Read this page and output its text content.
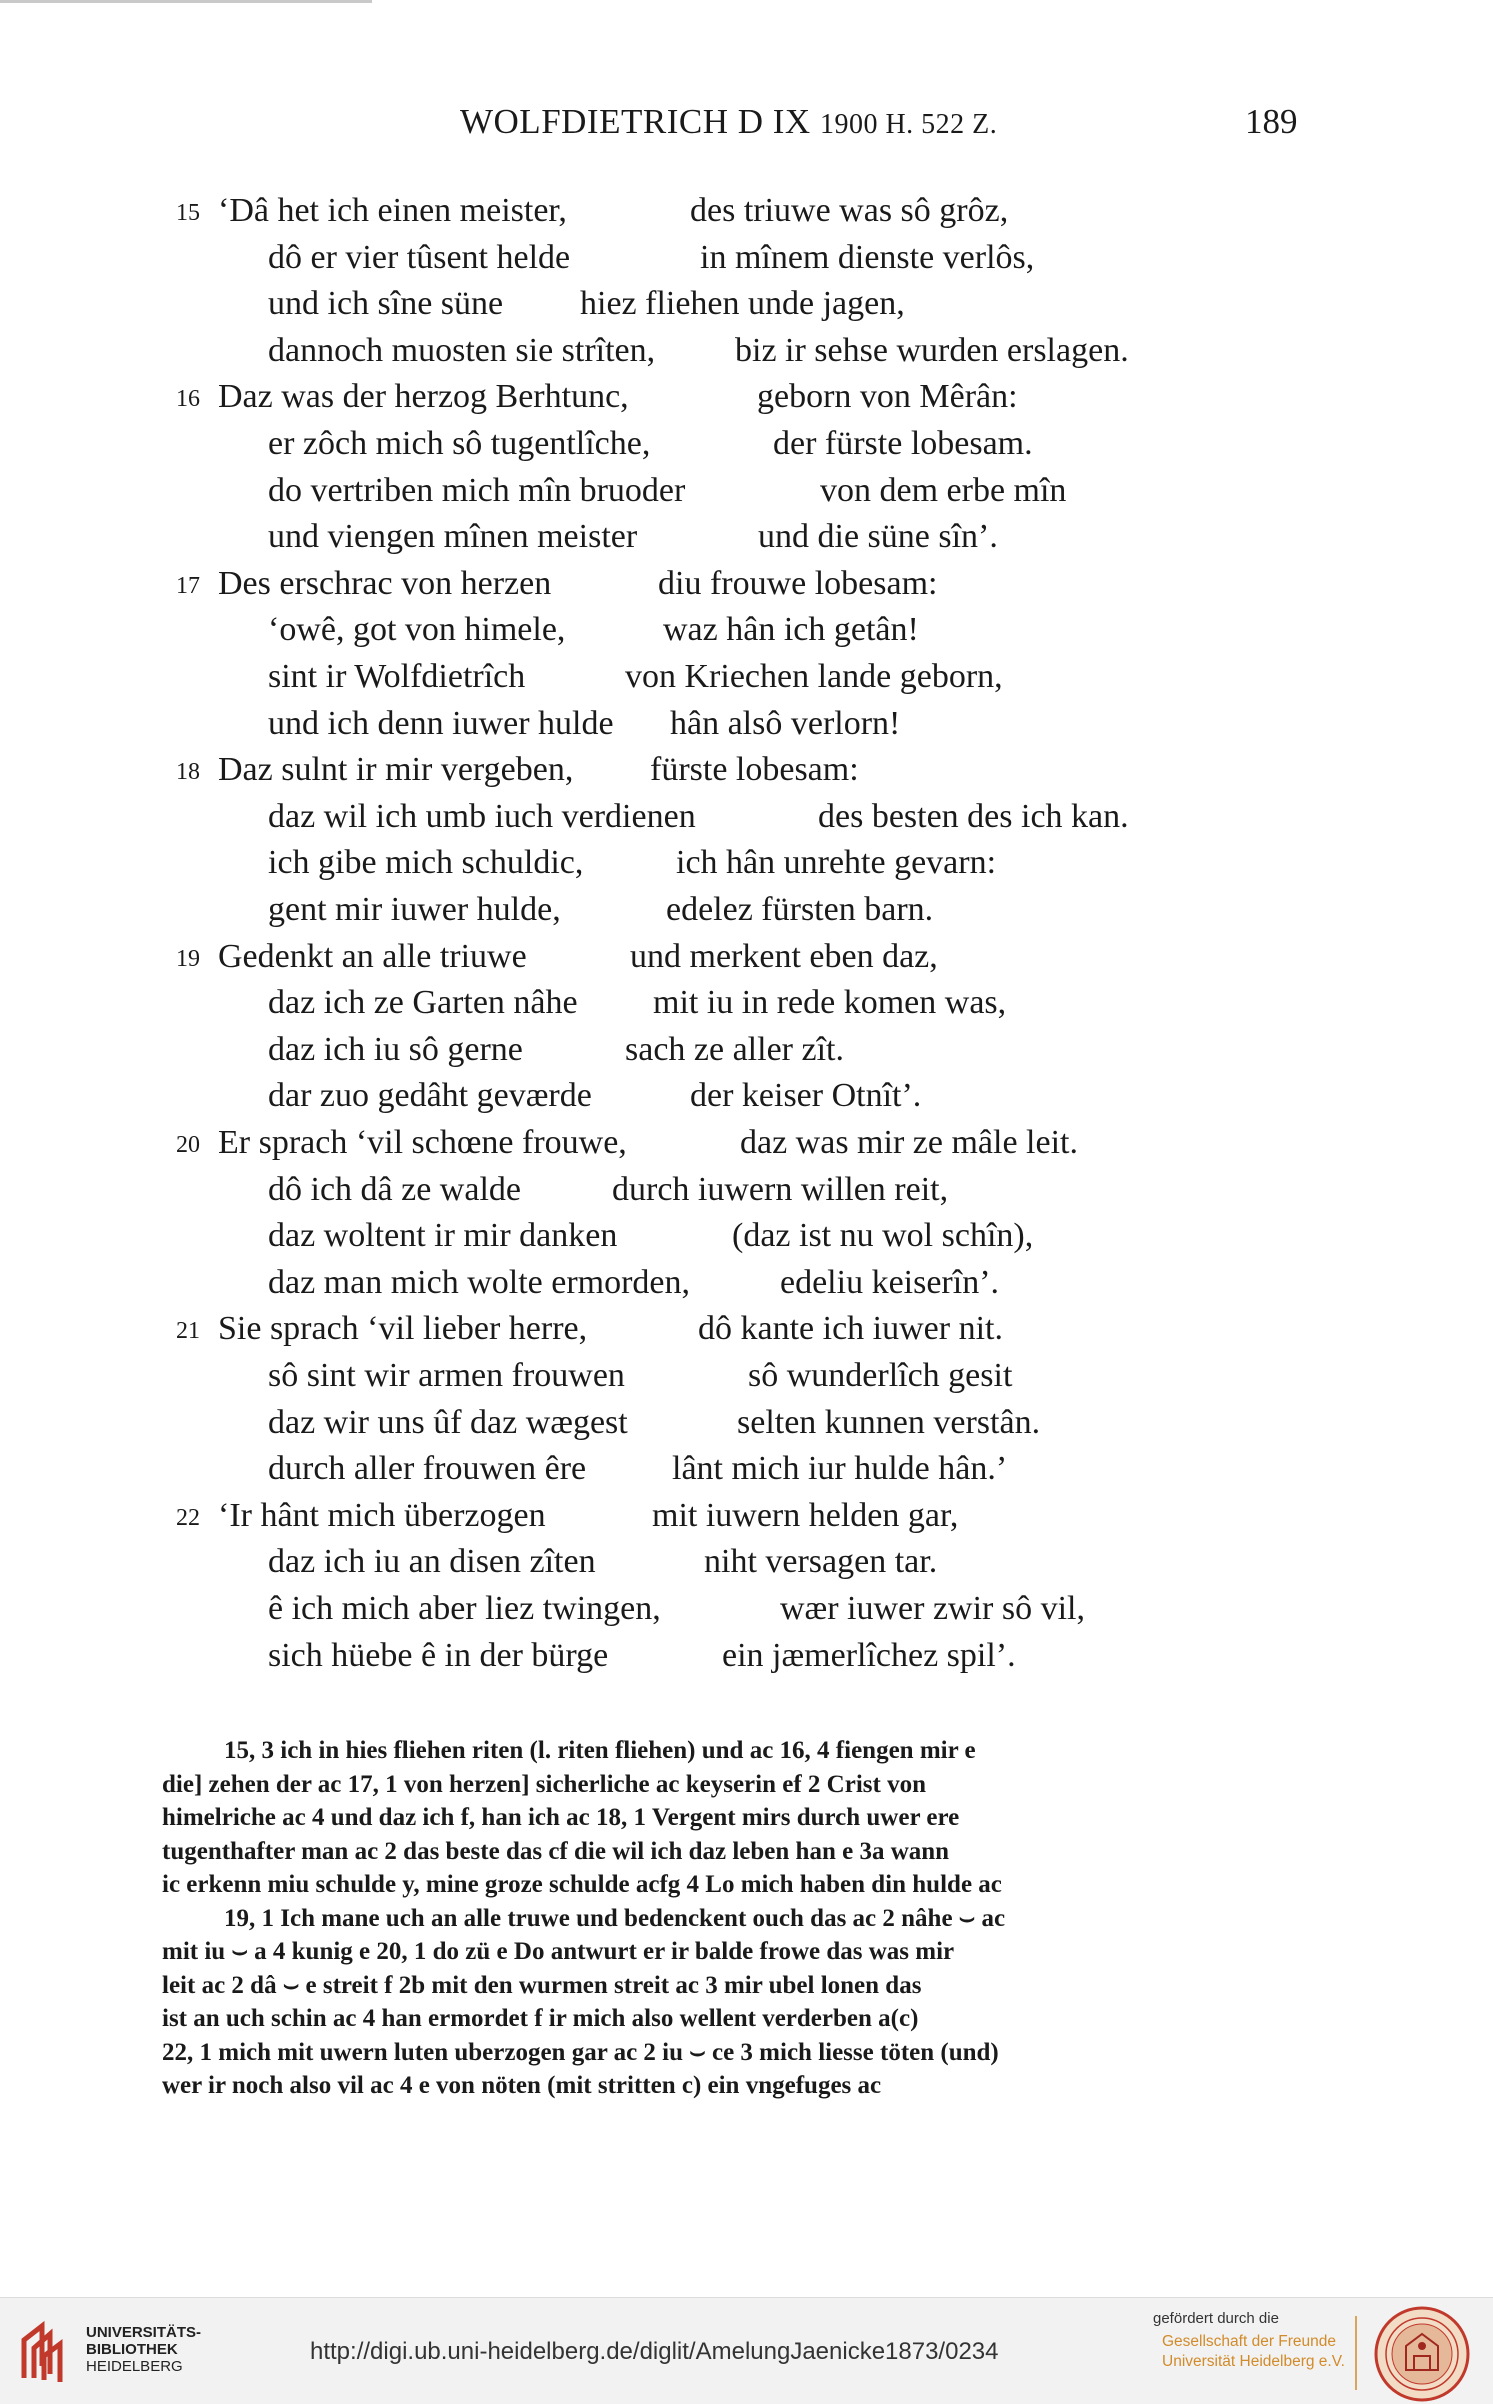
WOLFDIETRICH D IX 1900 H. 522 Z.	189
15 ‘Dâ het ich einen meister,	des triuwe was sô grôz,
dô er vier tûsent helde	in mînem dienste verlôs,
und ich sîne süne hiez fliehen unde jagen,
dannoch muosten sie strîten, biz ir sehse wurden erslagen.
16 Daz was der herzog Berhtunc,	geborn von Mêrân:
er zôch mich sô tugentlîche,	der fürste lobesam.
do vertriben mich mîn bruoder	von dem erbe mîn
und viengen mînen meister	und die süne sîn’.
17 Des erschrac von herzen	diu frouwe lobesam:
‘owê, got von himele,	waz hân ich getân!
sint ir Wolfdietrîch	von Kriechen lande geborn,
und ich denn iuwer hulde hân alsô verlorn!
18 Daz sulnt ir mir vergeben, fürste lobesam:
daz wil ich umb iuch verdienen	des besten des ich kan.
ich gibe mich schuldic,	ich hân unrehte gevarn:
gent mir iuwer hulde,	edelez fürsten barn.
19 Gedenkt an alle triuwe	und merkent eben daz,
daz ich ze Garten nâhe mit iu in rede komen was,
daz ich iu sô gerne	sach ze aller zît.
dar zuo gedâht geværde	der keiser Otnît’.
20 Er sprach ‘vil schœne frouwe,	daz was mir ze mâle leit.
dô ich dâ ze walde	durch iuwern willen reit,
daz woltent ir mir danken	(daz ist nu wol schîn),
daz man mich wolte ermorden,	edeliu keiserîn’.
21 Sie sprach ‘vil lieber herre,	dô kante ich iuwer nit.
sô sint wir armen frouwen	sô wunderlîch gesit
daz wir uns ûf daz wægest	selten kunnen verstân.
durch aller frouwen êre	lânt mich iur hulde hân.’
22 ‘Ir hânt mich überzogen	mit iuwern helden gar,
daz ich iu an disen zîten	niht versagen tar.
ê ich mich aber liez twingen,	wær iuwer zwir sô vil,
sich hüebe ê in der bürge	ein jæmerlîchez spil’.
15, 3 ich in hies fliehen riten (l. riten fliehen) und ac 16, 4 fiengen mir e
die] zehen der ac 17, 1 von herzen] sicherliche ac keyserin ef 2 Crist von
himelriche ac 4 und daz ich f, han ich ac 18, 1 Vergent mirs durch uwer ere
tugenthafter man ac 2 das beste das cf die wil ich daz leben han e 3a wann
ic erkenn miu schulde y, mine groze schulde acfg 4 Lo mich haben din hulde ac
19, 1 Ich mane uch an alle truwe und bedenckent ouch das ac 2 nâhe ⌣ ac
mit iu ⌣ a 4 kunig e 20, 1 do zü e Do antwurt er ir balde frowe das was mir
leit ac 2 dâ ⌣ e streit f 2b mit den wurmen streit ac 3 mir ubel lonen das
ist an uch schin ac 4 han ermordet f ir mich also wellent verderben a(c)
22, 1 mich mit uwern luten uberzogen gar ac 2 iu ⌣ ce 3 mich liesse töten (und)
wer ir noch also vil ac 4 e von nöten (mit stritten c) ein vngefuges ac
UNIVERSITÄTS-
BIBLIOTHEK
HEIDELBERG
http://digi.ub.uni-heidelberg.de/diglit/AmelungJaenicke1873/0234
gefördert durch die
Gesellschaft der Freunde
Universität Heidelberg e.V.
